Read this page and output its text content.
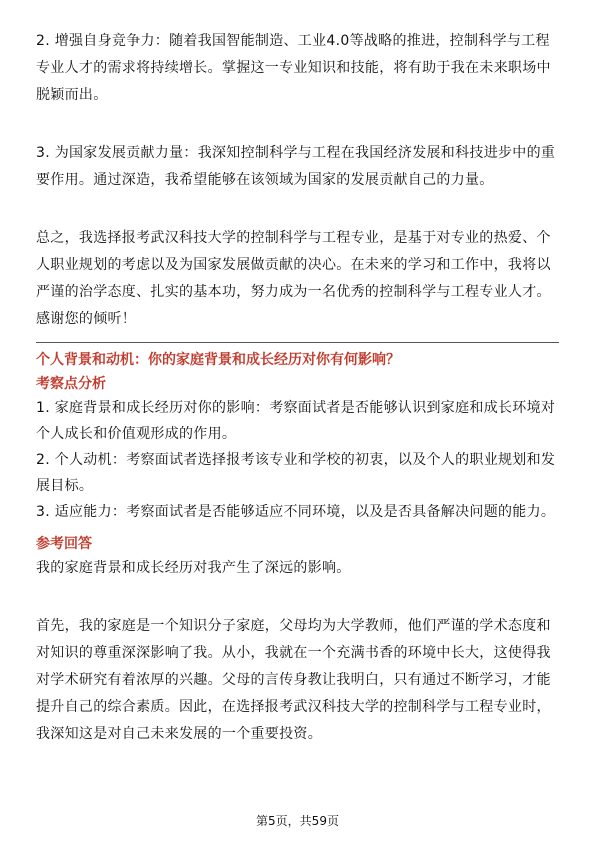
2. 增强自身竞争力：随着我国智能制造、工业4.0等战略的推进，控制科学与工程专业人才的需求将持续增长。掌握这一专业知识和技能，将有助于我在未来职场中脱颖而出。

3. 为国家发展贡献力量：我深知控制科学与工程在我国经济发展和科技进步中的重要作用。通过深造，我希望能够在该领域为国家的发展贡献自己的力量。

总之，我选择报考武汉科技大学的控制科学与工程专业，是基于对专业的热爱、个人职业规划的考虑以及为国家发展做贡献的决心。在未来的学习和工作中，我将以严谨的治学态度、扎实的基本功，努力成为一名优秀的控制科学与工程专业人才。感谢您的倾听！

个人背景和动机：你的家庭背景和成长经历对你有何影响？

考察点分析

1. 家庭背景和成长经历对你的影响：考察面试者是否能够认识到家庭和成长环境对个人成长和价值观形成的作用。

2. 个人动机：考察面试者选择报考该专业和学校的初衷，以及个人的职业规划和发展目标。

3. 适应能力：考察面试者是否能够适应不同环境，以及是否具备解决问题的能力。

参考回答

我的家庭背景和成长经历对我产生了深远的影响。

首先，我的家庭是一个知识分子家庭，父母均为大学教师，他们严谨的学术态度和对知识的尊重深深影响了我。从小，我就在一个充满书香的环境中长大，这使得我对学术研究有着浓厚的兴趣。父母的言传身教让我明白，只有通过不断学习，才能提升自己的综合素质。因此，在选择报考武汉科技大学的控制科学与工程专业时，我深知这是对自己未来发展的一个重要投资。

第5页，共59页
